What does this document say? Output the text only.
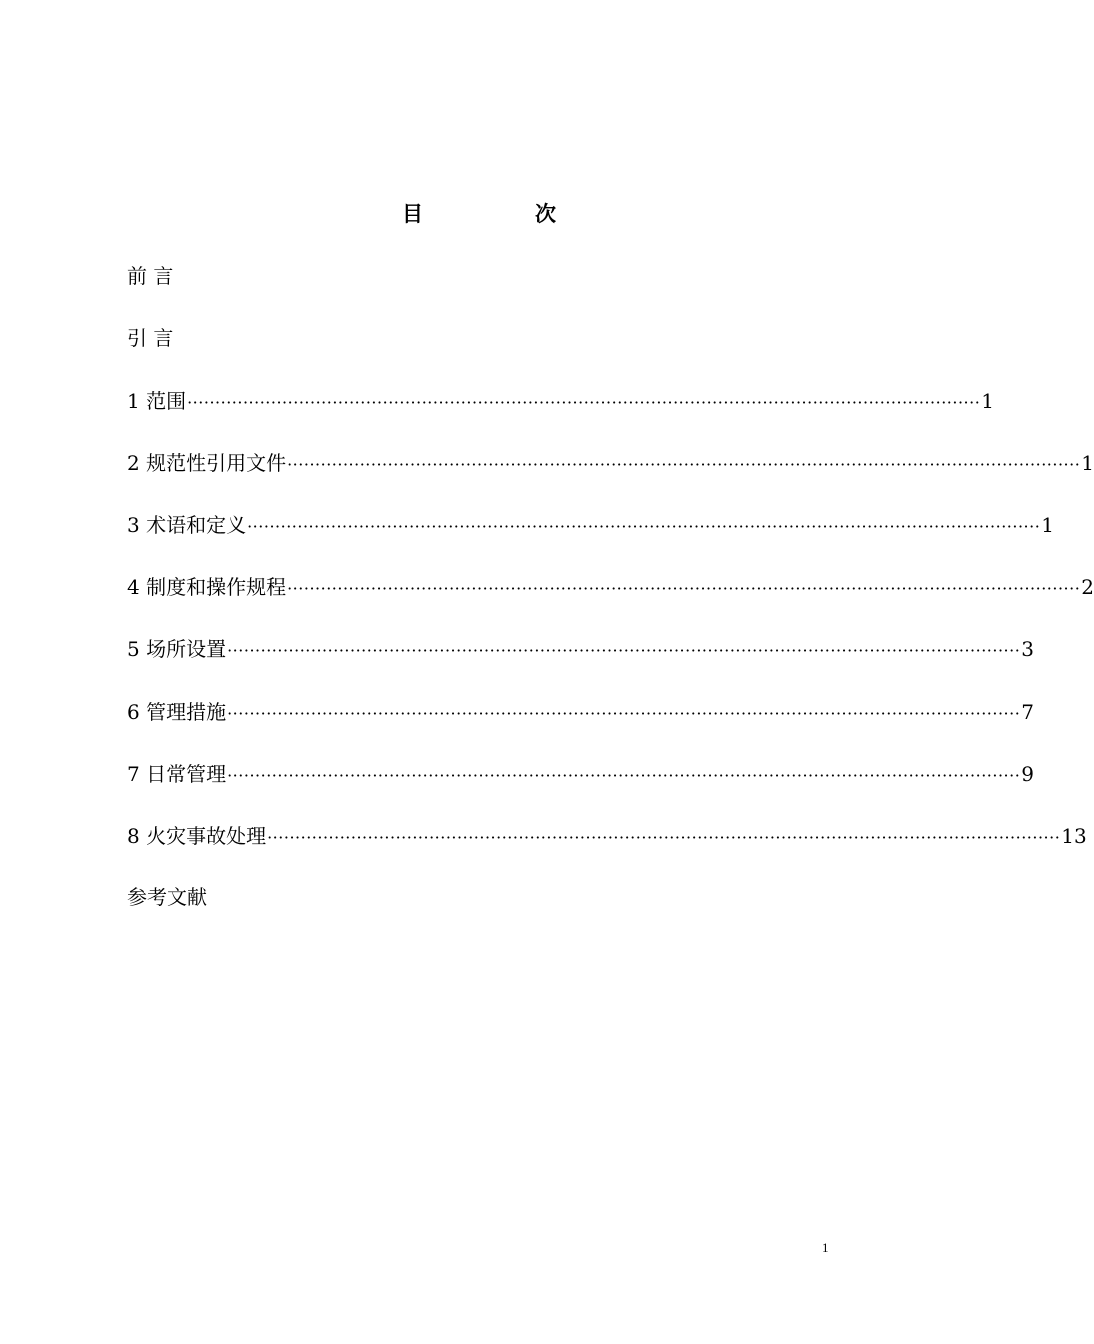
目	次
前 言
引 言
1 范围 ·············································································································································· 1
2 规范性引用文件 ·············································································································································· 1
3 术语和定义 ·············································································································································· 1
4 制度和操作规程 ·············································································································································· 2
5 场所设置 ·············································································································································· 3
6 管理措施 ·············································································································································· 7
7 日常管理 ·············································································································································· 9
8 火灾事故处理 ·············································································································································· 13
参考文献
1
